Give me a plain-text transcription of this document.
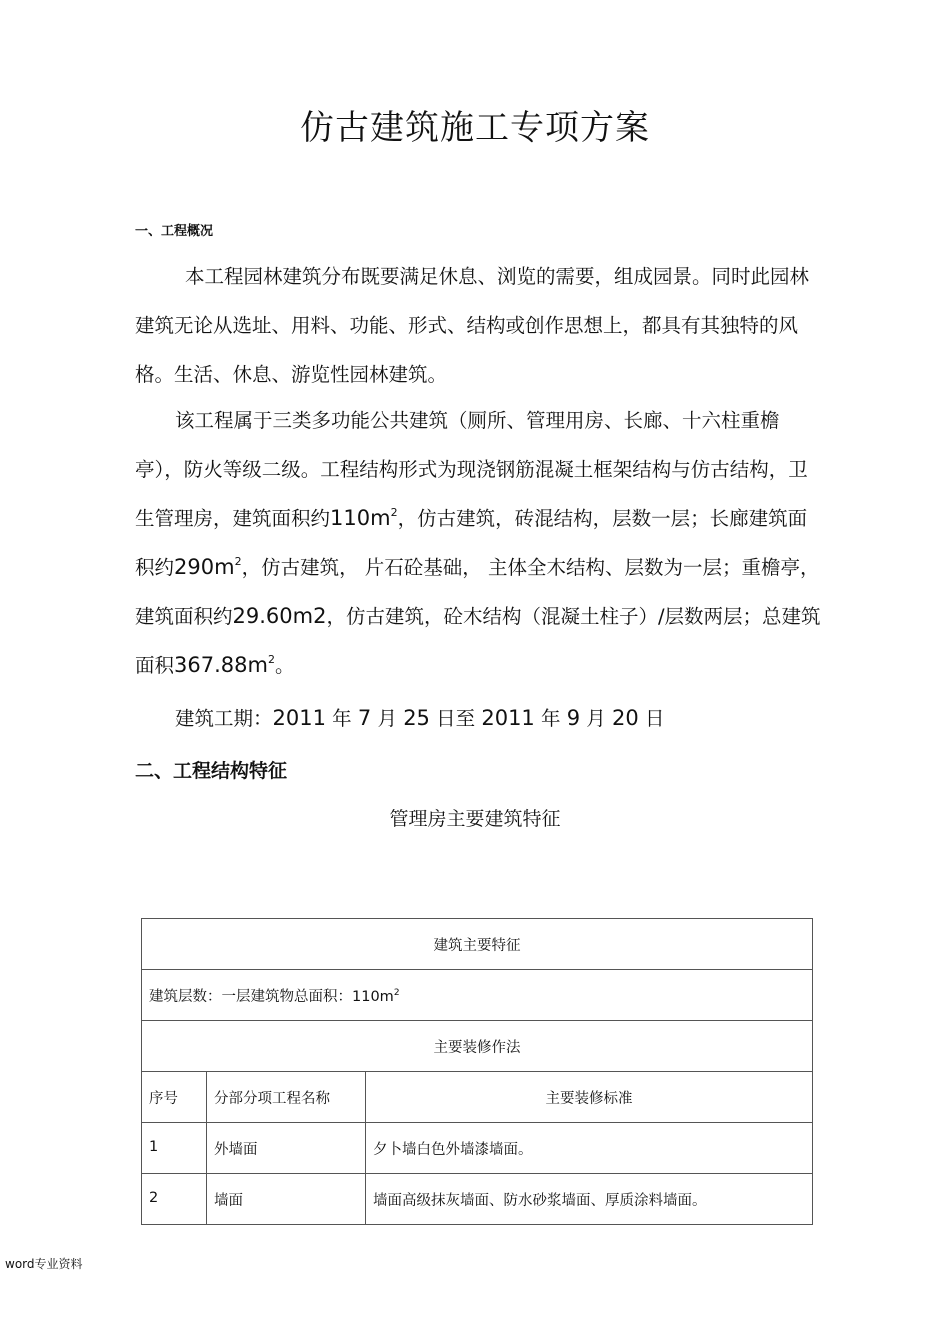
仿古建筑施工专项方案
一、工程概况

本工程园林建筑分布既要满足休息、浏览的需要，组成园景。同时此园林建筑无论从选址、用料、功能、形式、结构或创作思想上，都具有其独特的风格。生活、休息、游览性园林建筑。

该工程属于三类多功能公共建筑（厕所、管理用房、长廊、十六柱重檐亭），防火等级二级。工程结构形式为现浇钢筋混凝土框架结构与仿古结构，卫生管理房，建筑面积约$110m^2$，仿古建筑，砖混结构，层数一层；长廊建筑面积约$290m^2$，仿古建筑， 片石砼基础， 主体全木结构、层数为一层；重檐亭， 建筑面积约29.60m2，仿古建筑，砼木结构（混凝土柱子）/层数两层；总建筑面积$367.88m^2$。

建筑工期：2011 年 7 月 25 日至 2011 年 9 月 20 日

二、工程结构特征
管理房主要建筑特征
建筑主要特征		
建筑层数：一层建筑物总面积：$110m^2$
主要装修作法		
序号	分部分项工程名称	主要装修标准
1	外墙面	夕卜墙白色外墙漆墙面。
2	墙面	墙面高级抹灰墙面、防水砂浆墙面、厚质涂料墙面。
word专业资料
